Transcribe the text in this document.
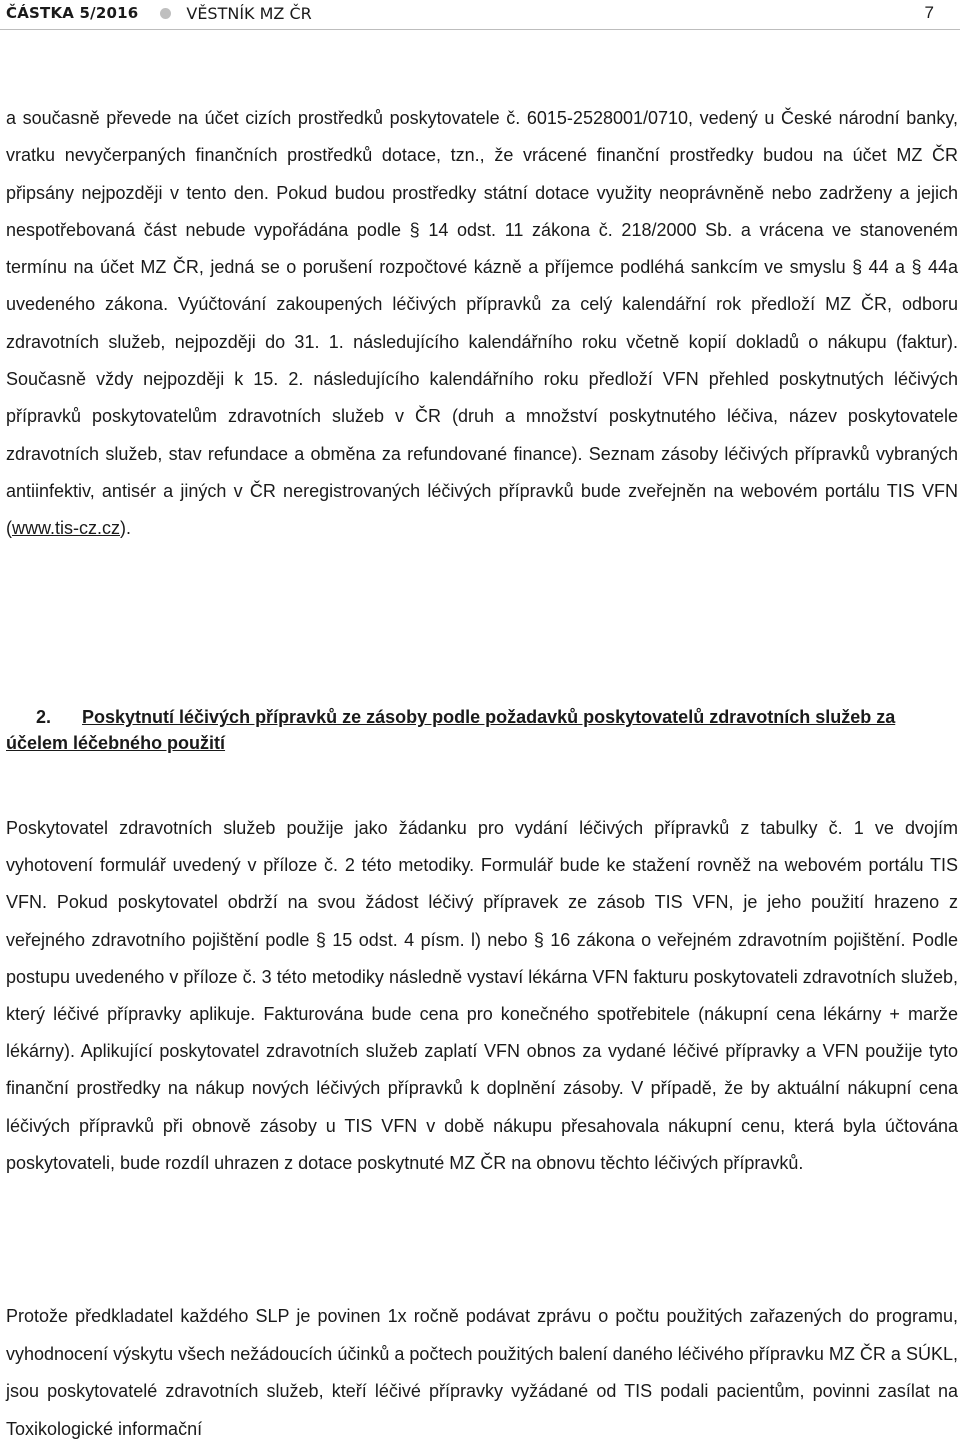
ČÁSTKA 5/2016	VĚSTNÍK MZ ČR	7

a současně převede na účet cizích prostředků poskytovatele č. 6015-2528001/0710, vedený u České národní banky, vratku nevyčerpaných finančních prostředků dotace, tzn., že vrácené finanční prostředky budou na účet MZ ČR připsány nejpozději v tento den. Pokud budou prostředky státní dotace využity neoprávněně nebo zadrženy a jejich nespotřebovaná část nebude vypořádána podle § 14 odst. 11 zákona č. 218/2000 Sb. a vrácena ve stanoveném termínu na účet MZ ČR, jedná se o porušení rozpočtové kázně a příjemce podléhá sankcím ve smyslu § 44 a § 44a uvedeného zákona. Vyúčtování zakoupených léčivých přípravků za celý kalendářní rok předloží MZ ČR, odboru zdravotních služeb, nejpozději do 31. 1. následujícího kalendářního roku včetně kopií dokladů o nákupu (faktur). Současně vždy nejpozději k 15. 2. následujícího kalendářního roku předloží VFN přehled poskytnutých léčivých přípravků poskytovatelům zdravotních služeb v ČR (druh a množství poskytnutého léčiva, název poskytovatele zdravotních služeb, stav refundace a obměna za refundované finance). Seznam zásoby léčivých přípravků vybraných antiinfektiv, antisér a jiných v ČR neregistrovaných léčivých přípravků bude zveřejněn na webovém portálu TIS VFN (www.tis-cz.cz).

2. Poskytnutí léčivých přípravků ze zásoby podle požadavků poskytovatelů zdravotních služeb za účelem léčebného použití

Poskytovatel zdravotních služeb použije jako žádanku pro vydání léčivých přípravků z tabulky č. 1 ve dvojím vyhotovení formulář uvedený v příloze č. 2 této metodiky. Formulář bude ke stažení rovněž na webovém portálu TIS VFN. Pokud poskytovatel obdrží na svou žádost léčivý přípravek ze zásob TIS VFN, je jeho použití hrazeno z veřejného zdravotního pojištění podle § 15 odst. 4 písm. l) nebo § 16 zákona o veřejném zdravotním pojištění. Podle postupu uvedeného v příloze č. 3 této metodiky následně vystaví lékárna VFN fakturu poskytovateli zdravotních služeb, který léčivé přípravky aplikuje. Fakturována bude cena pro konečného spotřebitele (nákupní cena lékárny + marže lékárny). Aplikující poskytovatel zdravotních služeb zaplatí VFN obnos za vydané léčivé přípravky a VFN použije tyto finanční prostředky na nákup nových léčivých přípravků k doplnění zásoby. V případě, že by aktuální nákupní cena léčivých přípravků při obnově zásoby u TIS VFN v době nákupu přesahovala nákupní cenu, která byla účtována poskytovateli, bude rozdíl uhrazen z dotace poskytnuté MZ ČR na obnovu těchto léčivých přípravků.

Protože předkladatel každého SLP je povinen 1x ročně podávat zprávu o počtu použitých zařazených do programu, vyhodnocení výskytu všech nežádoucích účinků a počtech použitých balení daného léčivého přípravku MZ ČR a SÚKL, jsou poskytovatelé zdravotních služeb, kteří léčivé přípravky vyžádané od TIS podali pacientům, povinni zasílat na Toxikologické informační
